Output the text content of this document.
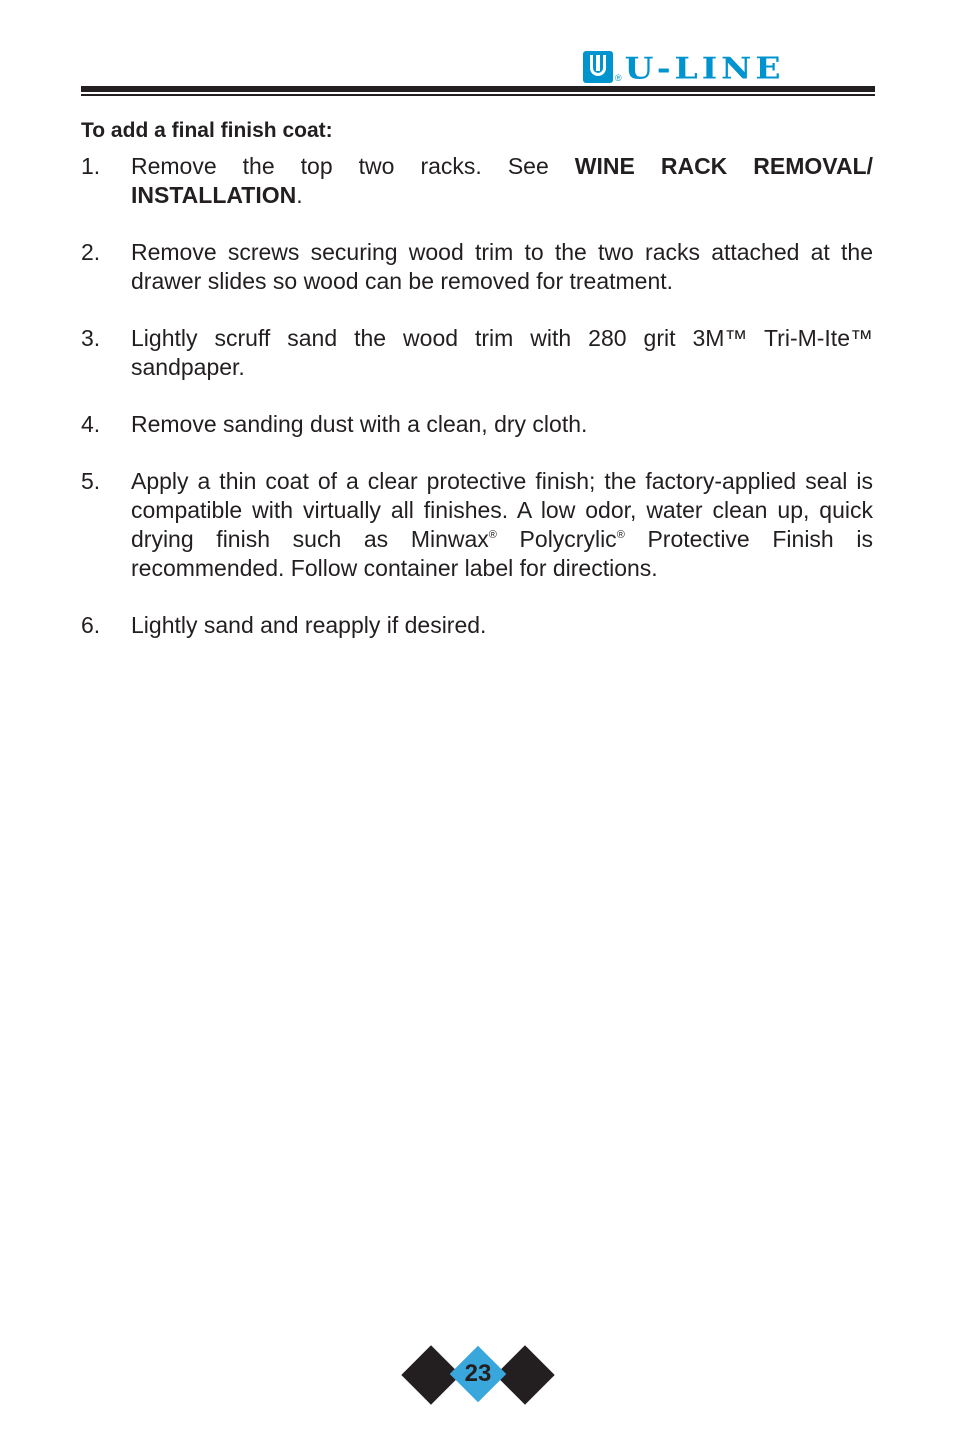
® U-LINE
To add a final finish coat:
1.	Remove the top two racks. See WINE RACK REMOVAL/ INSTALLATION.
2.	Remove screws securing wood trim to the two racks attached at the drawer slides so wood can be removed for treatment.
3.	Lightly scruff sand the wood trim with 280 grit 3M™ Tri-M-Ite™ sandpaper.
4.	Remove sanding dust with a clean, dry cloth.
5.	Apply a thin coat of a clear protective finish; the factory-applied seal is compatible with virtually all finishes. A low odor, water clean up, quick drying finish such as Minwax® Polycrylic® Protective Finish is recommended. Follow container label for directions.
6.	Lightly sand and reapply if desired.
23
